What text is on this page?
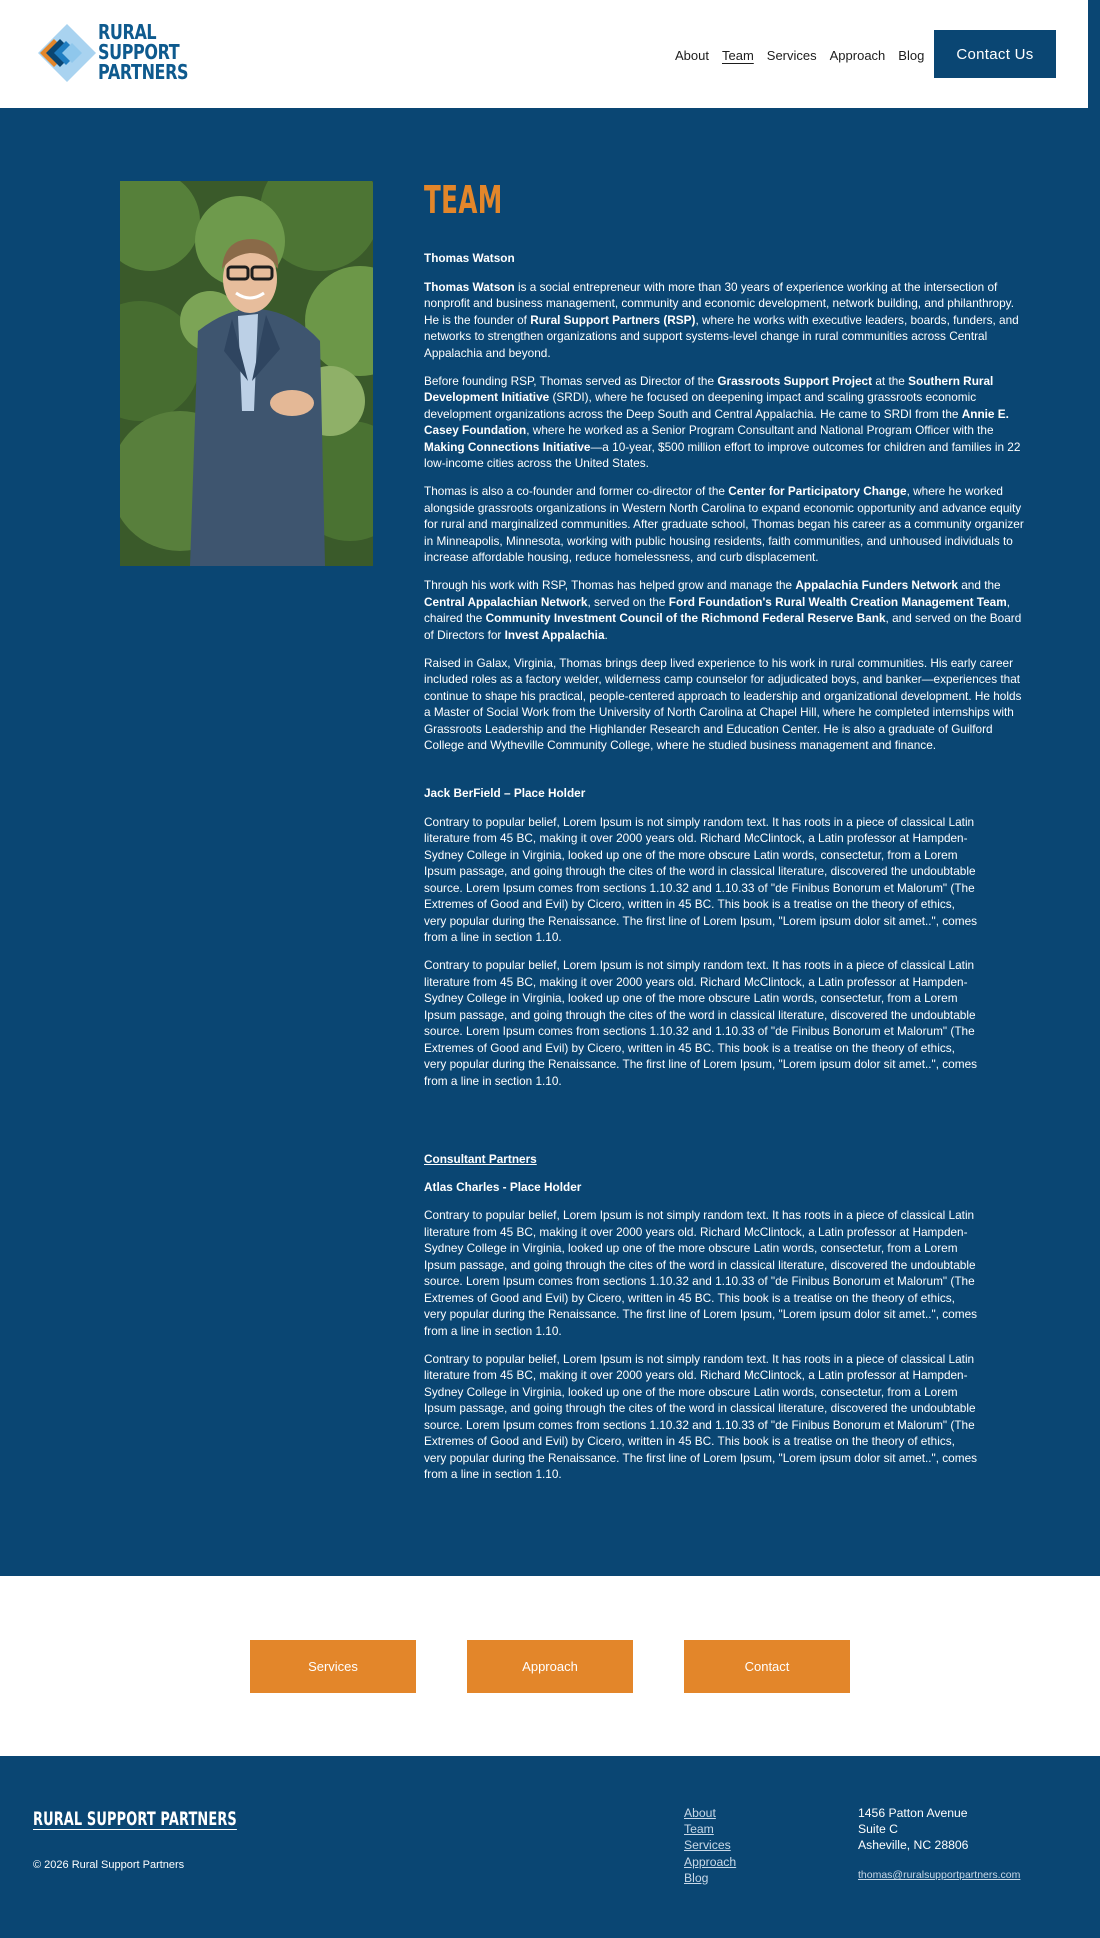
RURAL
SUPPORT
PARTNERS
About Team Services Approach Blog	Contact Us
TEAM

Thomas Watson

Thomas Watson is a social entrepreneur with more than 30 years of experience working at the intersection of nonprofit and business management, community and economic development, network building, and philanthropy. He is the founder of Rural Support Partners (RSP), where he works with executive leaders, boards, funders, and networks to strengthen organizations and support systems-level change in rural communities across Central Appalachia and beyond.

Before founding RSP, Thomas served as Director of the Grassroots Support Project at the Southern Rural Development Initiative (SRDI), where he focused on deepening impact and scaling grassroots economic development organizations across the Deep South and Central Appalachia. He came to SRDI from the Annie E. Casey Foundation, where he worked as a Senior Program Consultant and National Program Officer with the Making Connections Initiative—a 10-year, $500 million effort to improve outcomes for children and families in 22 low-income cities across the United States.

Thomas is also a co-founder and former co-director of the Center for Participatory Change, where he worked alongside grassroots organizations in Western North Carolina to expand economic opportunity and advance equity for rural and marginalized communities. After graduate school, Thomas began his career as a community organizer in Minneapolis, Minnesota, working with public housing residents, faith communities, and unhoused individuals to increase affordable housing, reduce homelessness, and curb displacement.

Through his work with RSP, Thomas has helped grow and manage the Appalachia Funders Network and the Central Appalachian Network, served on the Ford Foundation's Rural Wealth Creation Management Team, chaired the Community Investment Council of the Richmond Federal Reserve Bank, and served on the Board of Directors for Invest Appalachia.

Raised in Galax, Virginia, Thomas brings deep lived experience to his work in rural communities. His early career included roles as a factory welder, wilderness camp counselor for adjudicated boys, and banker—experiences that continue to shape his practical, people-centered approach to leadership and organizational development. He holds a Master of Social Work from the University of North Carolina at Chapel Hill, where he completed internships with Grassroots Leadership and the Highlander Research and Education Center. He is also a graduate of Guilford College and Wytheville Community College, where he studied business management and finance.

Jack BerField – Place Holder

Contrary to popular belief, Lorem Ipsum is not simply random text. It has roots in a piece of classical Latin literature from 45 BC, making it over 2000 years old. Richard McClintock, a Latin professor at Hampden-Sydney College in Virginia, looked up one of the more obscure Latin words, consectetur, from a Lorem Ipsum passage, and going through the cites of the word in classical literature, discovered the undoubtable source. Lorem Ipsum comes from sections 1.10.32 and 1.10.33 of "de Finibus Bonorum et Malorum" (The Extremes of Good and Evil) by Cicero, written in 45 BC. This book is a treatise on the theory of ethics, very popular during the Renaissance. The first line of Lorem Ipsum, "Lorem ipsum dolor sit amet..", comes from a line in section 1.10.

Contrary to popular belief, Lorem Ipsum is not simply random text. It has roots in a piece of classical Latin literature from 45 BC, making it over 2000 years old. Richard McClintock, a Latin professor at Hampden-Sydney College in Virginia, looked up one of the more obscure Latin words, consectetur, from a Lorem Ipsum passage, and going through the cites of the word in classical literature, discovered the undoubtable source. Lorem Ipsum comes from sections 1.10.32 and 1.10.33 of "de Finibus Bonorum et Malorum" (The Extremes of Good and Evil) by Cicero, written in 45 BC. This book is a treatise on the theory of ethics, very popular during the Renaissance. The first line of Lorem Ipsum, "Lorem ipsum dolor sit amet..", comes from a line in section 1.10.

Consultant Partners

Atlas Charles - Place Holder

Contrary to popular belief, Lorem Ipsum is not simply random text. It has roots in a piece of classical Latin literature from 45 BC, making it over 2000 years old. Richard McClintock, a Latin professor at Hampden-Sydney College in Virginia, looked up one of the more obscure Latin words, consectetur, from a Lorem Ipsum passage, and going through the cites of the word in classical literature, discovered the undoubtable source. Lorem Ipsum comes from sections 1.10.32 and 1.10.33 of "de Finibus Bonorum et Malorum" (The Extremes of Good and Evil) by Cicero, written in 45 BC. This book is a treatise on the theory of ethics, very popular during the Renaissance. The first line of Lorem Ipsum, "Lorem ipsum dolor sit amet..", comes from a line in section 1.10.

Contrary to popular belief, Lorem Ipsum is not simply random text. It has roots in a piece of classical Latin literature from 45 BC, making it over 2000 years old. Richard McClintock, a Latin professor at Hampden-Sydney College in Virginia, looked up one of the more obscure Latin words, consectetur, from a Lorem Ipsum passage, and going through the cites of the word in classical literature, discovered the undoubtable source. Lorem Ipsum comes from sections 1.10.32 and 1.10.33 of "de Finibus Bonorum et Malorum" (The Extremes of Good and Evil) by Cicero, written in 45 BC. This book is a treatise on the theory of ethics, very popular during the Renaissance. The first line of Lorem Ipsum, "Lorem ipsum dolor sit amet..", comes from a line in section 1.10.

Services	Approach	Contact
RURAL SUPPORT PARTNERS
© 2026 Rural Support Partners
About
Team
Services
Approach
Blog
1456 Patton Avenue
Suite C
Asheville, NC 28806
thomas@ruralsupportpartners.com
